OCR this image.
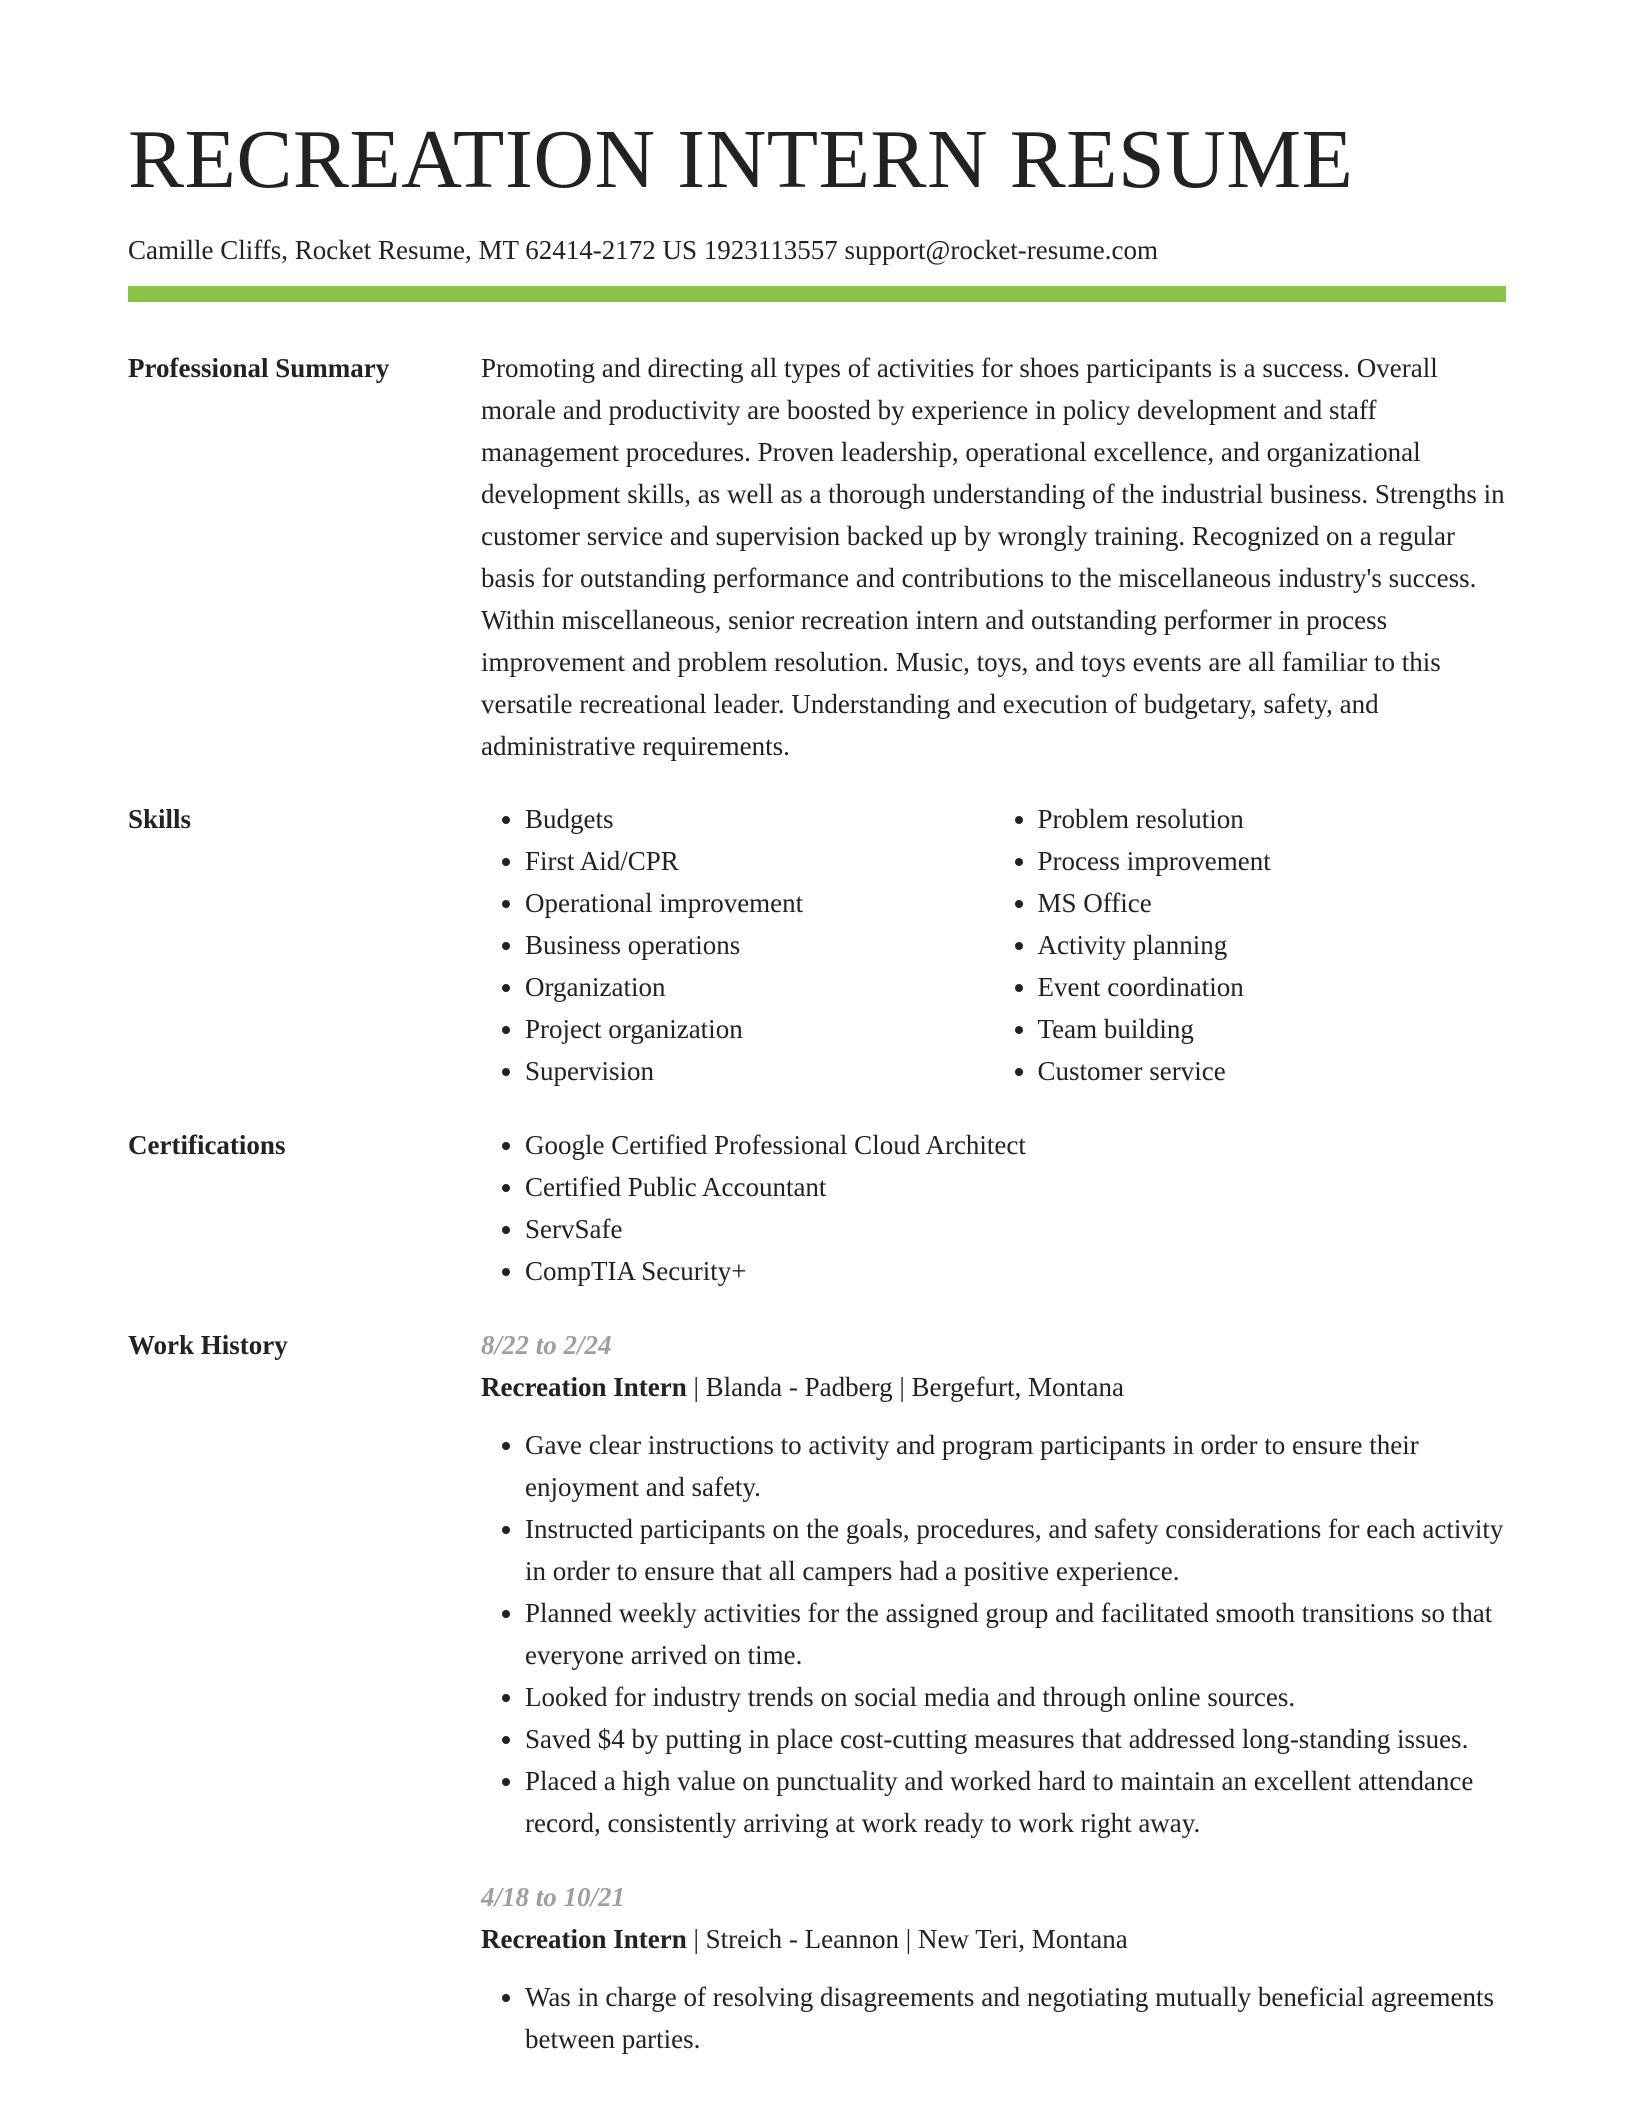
RECREATION INTERN RESUME
Camille Cliffs, Rocket Resume, MT 62414-2172 US 1923113557 support@rocket-resume.com
Professional Summary	Promoting and directing all types of activities for shoes participants is a success. Overall morale and productivity are boosted by experience in policy development and staff management procedures. Proven leadership, operational excellence, and organizational development skills, as well as a thorough understanding of the industrial business. Strengths in customer service and supervision backed up by wrongly training. Recognized on a regular basis for outstanding performance and contributions to the miscellaneous industry's success. Within miscellaneous, senior recreation intern and outstanding performer in process improvement and problem resolution. Music, toys, and toys events are all familiar to this versatile recreational leader. Understanding and execution of budgetary, safety, and administrative requirements.

Skills	• Budgets
• First Aid/CPR
• Operational improvement
• Business operations
• Organization
• Project organization
• Supervision
• Problem resolution
• Process improvement
• MS Office
• Activity planning
• Event coordination
• Team building
• Customer service
Certifications	• Google Certified Professional Cloud Architect
• Certified Public Accountant
• ServSafe
• CompTIA Security+
Work History	8/22 to 2/24
Recreation Intern | Blanda - Padberg | Bergefurt, Montana
• Gave clear instructions to activity and program participants in order to ensure their enjoyment and safety.
• Instructed participants on the goals, procedures, and safety considerations for each activity in order to ensure that all campers had a positive experience.
• Planned weekly activities for the assigned group and facilitated smooth transitions so that everyone arrived on time.
• Looked for industry trends on social media and through online sources.
• Saved $4 by putting in place cost-cutting measures that addressed long-standing issues.
• Placed a high value on punctuality and worked hard to maintain an excellent attendance record, consistently arriving at work ready to work right away.
4/18 to 10/21
Recreation Intern | Streich - Leannon | New Teri, Montana
• Was in charge of resolving disagreements and negotiating mutually beneficial agreements between parties.
